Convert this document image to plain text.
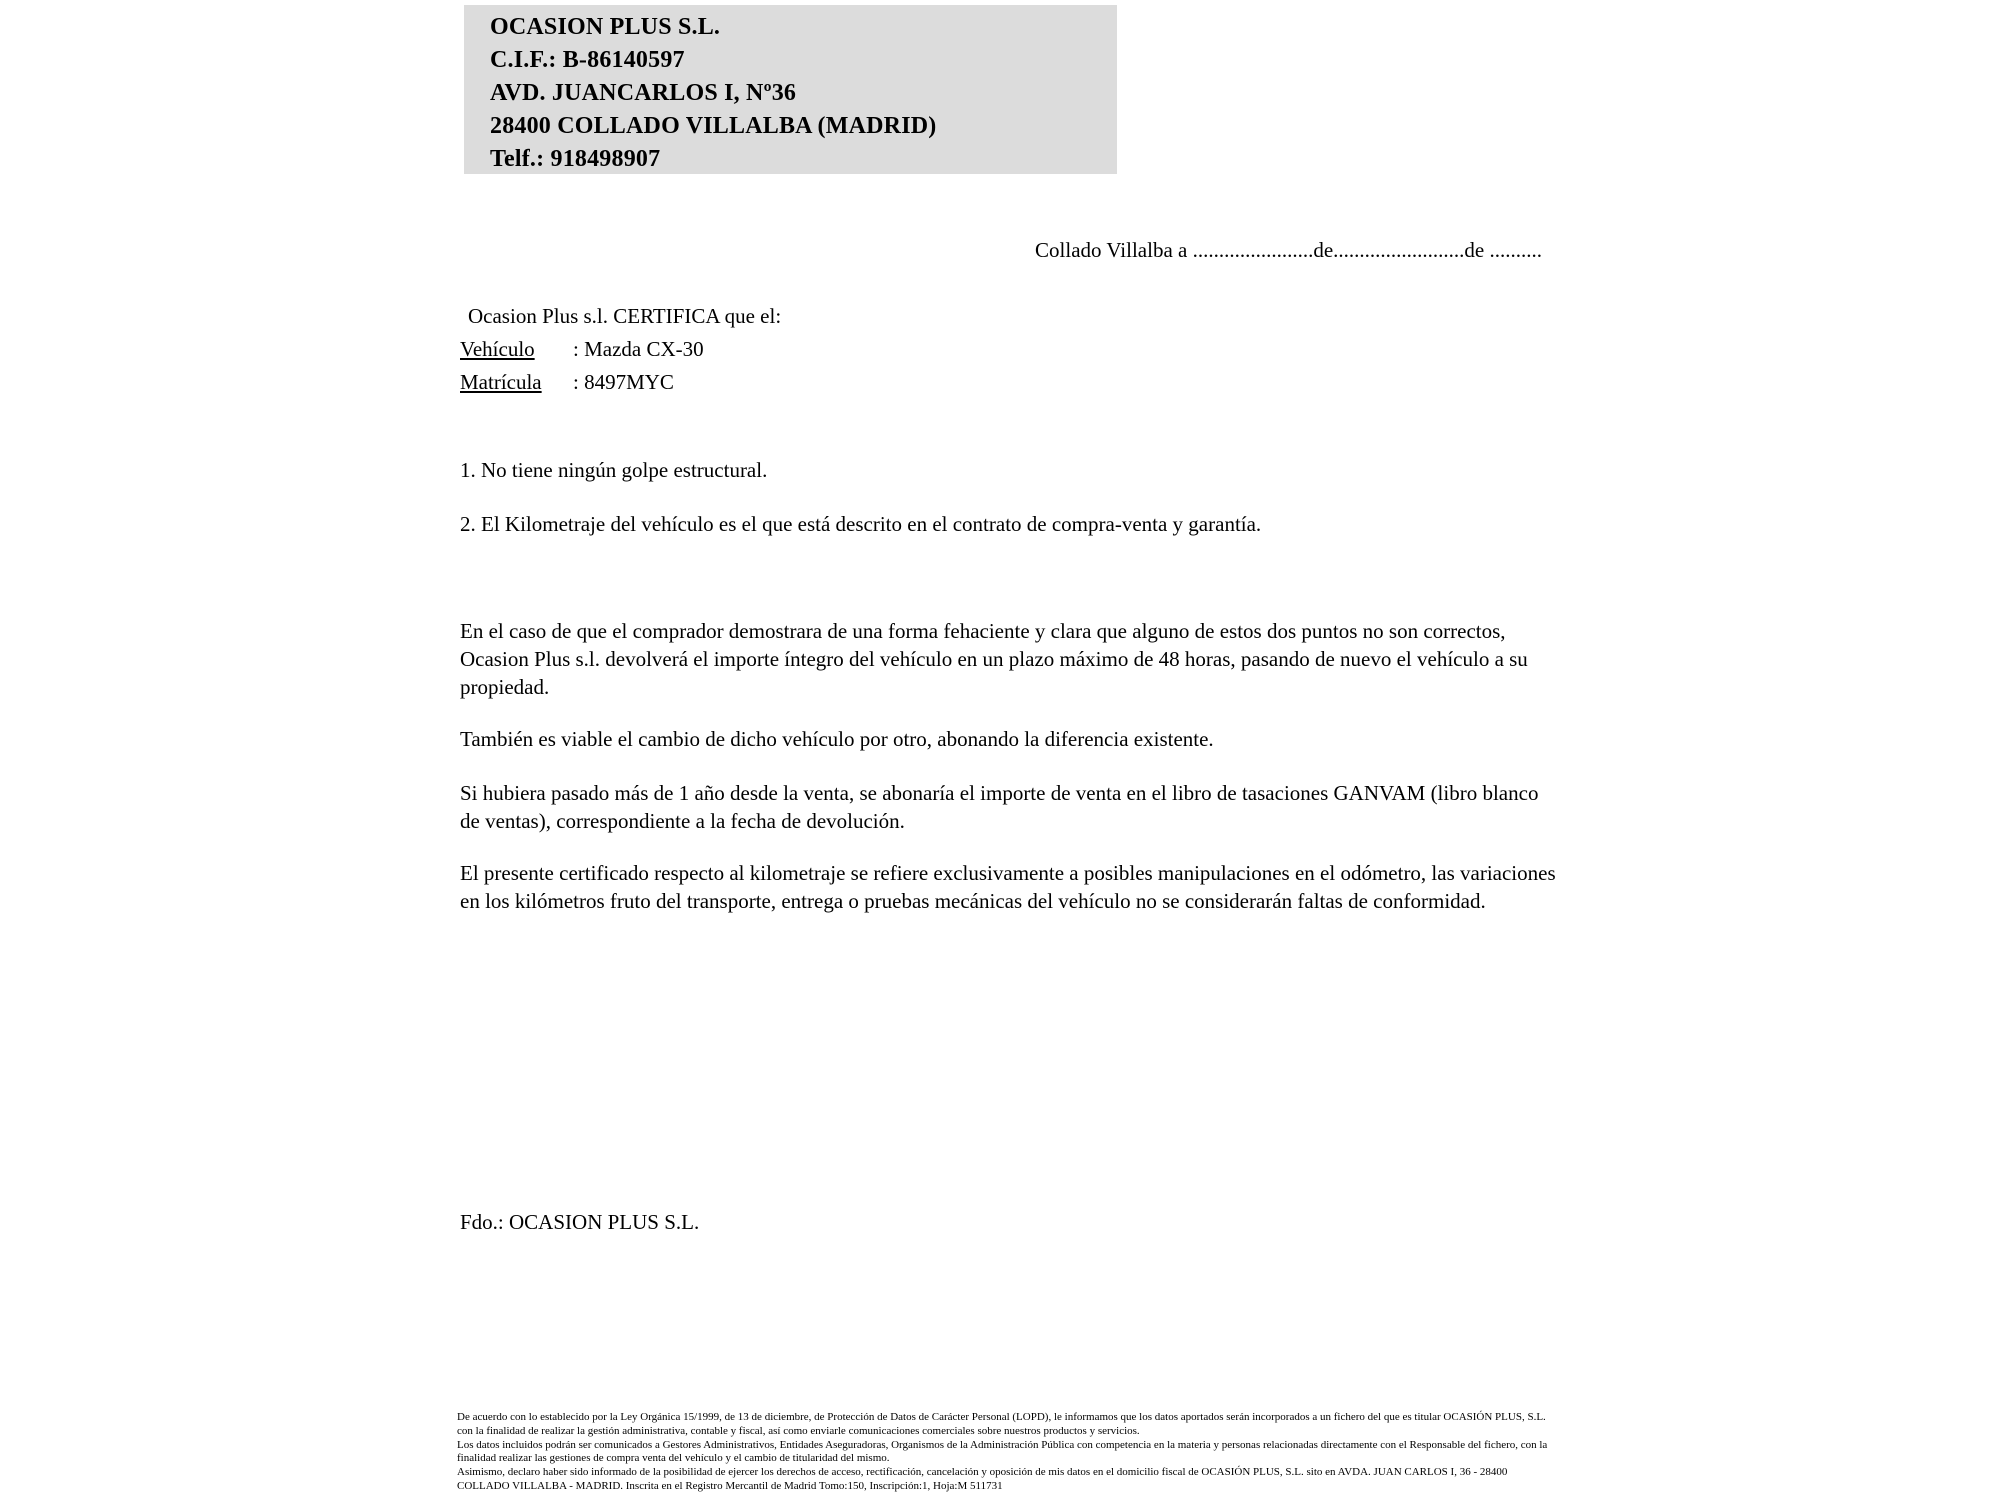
OCASION PLUS S.L.
C.I.F.: B-86140597
AVD. JUANCARLOS I, Nº36
28400 COLLADO VILLALBA (MADRID)
Telf.: 918498907
Collado Villalba a .......................de.........................de ..........
Ocasion Plus s.l. CERTIFICA que el:
Vehículo : Mazda CX-30
Matrícula : 8497MYC
1. No tiene ningún golpe estructural.
2. El Kilometraje del vehículo es el que está descrito en el contrato de compra-venta y garantía.
En el caso de que el comprador demostrara de una forma fehaciente y clara que alguno de estos dos puntos no son correctos, Ocasion Plus s.l. devolverá el importe íntegro del vehículo en un plazo máximo de 48 horas, pasando de nuevo el vehículo a su propiedad.
También es viable el cambio de dicho vehículo por otro, abonando la diferencia existente.
Si hubiera pasado más de 1 año desde la venta, se abonaría el importe de venta en el libro de tasaciones GANVAM (libro blanco de ventas), correspondiente a la fecha de devolución.
El presente certificado respecto al kilometraje se refiere exclusivamente a posibles manipulaciones en el odómetro, las variaciones en los kilómetros fruto del transporte, entrega o pruebas mecánicas del vehículo no se considerarán faltas de conformidad.
Fdo.: OCASION PLUS S.L.

De acuerdo con lo establecido por la Ley Orgánica 15/1999, de 13 de diciembre, de Protección de Datos de Carácter Personal (LOPD), le informamos que los datos aportados serán incorporados a un fichero del que es titular OCASIÓN PLUS, S.L. con la finalidad de realizar la gestión administrativa, contable y fiscal, así como enviarle comunicaciones comerciales sobre nuestros productos y servicios.

Los datos incluidos podrán ser comunicados a Gestores Administrativos, Entidades Aseguradoras, Organismos de la Administración Pública con competencia en la materia y personas relacionadas directamente con el Responsable del fichero, con la finalidad realizar las gestiones de compra venta del vehículo y el cambio de titularidad del mismo.

Asimismo, declaro haber sido informado de la posibilidad de ejercer los derechos de acceso, rectificación, cancelación y oposición de mis datos en el domicilio fiscal de OCASIÓN PLUS, S.L. sito en AVDA. JUAN CARLOS I, 36 - 28400 COLLADO VILLALBA - MADRID. Inscrita en el Registro Mercantil de Madrid Tomo:150, Inscripción:1, Hoja:M 511731
